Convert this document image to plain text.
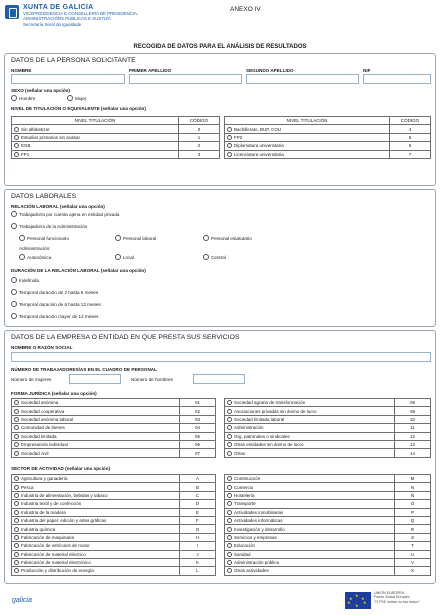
XUNTA DE GALICIA
VICEPRESIDENCIA E CONSELLERÍA DE PRESIDENCIA,
ADMINISTRACIÓNS PÚBLICAS E XUSTIZA
Secretaría Xeral da Igualdade
ANEXO IV
RECOGIDA DE DATOS PARA EL ANÁLISIS DE RESULTADOS
DATOS DE LA PERSONA SOLICITANTE
NOMBRE	PRIMER APELLIDO	SEGUNDO APELLIDO	NIF
SEXO (señalar una opción)
Hombre	Mujer
NIVEL DE TITULACIÓN O EQUIVALENTE (señalar una opción)
NIVEL TITULACIÓN	CÓDIGO
Sin alfabetizar	0
Estudios primarios sin acabar	1
EGB	2
FP1	3
NIVEL TITULACIÓN	CÓDIGO
Bachillerato, BUP, COU	4
FP2	5
Diplomatura universitaria	6
Licenciatura universitaria	7
DATOS LABORALES
RELACIÓN LABORAL (señalar una opción)
Trabajador/a por cuenta ajena en entidad privada
Trabajador/a de la Administración
Personal funcionario	Personal laboral	Personal estatutario
Administración:
Autonómica	Local	Central
DURACIÓN DE LA RELACIÓN LABORAL (señalar una opción)
Indefinida
Temporal duración de 2 hasta 6 meses
Temporal duración de 6 hasta 12 meses
Temporal duración mayor de 12 meses
DATOS DE LA EMPRESA O ENTIDAD EN QUE PRESTA SUS SERVICIOS
NOMBRE O RAZÓN SOCIAL
NÚMERO DE TRABAJADORES/AS EN EL CUADRO DE PERSONAL
Número de mujeres	Número de hombres
FORMA JURÍDICA (señalar una opción)
Sociedad anónima	01
Sociedad cooperativa	02
Sociedad anónima laboral	03
Comunidad de bienes	04
Sociedad limitada	05
Empresario/a individual	06
Sociedad civil	07
Sociedad agraria de transformación	08
Asociaciones privadas sin ánimo de lucro	09
Sociedad limitada laboral	10
Administración	11
Org. patronales o sindicales	12
Otras entidades sin ánimo de lucro	13
Otras	14
SECTOR DE ACTIVIDAD (señalar una opción)
Agricultura y ganadería	A
Pesca	B
Industria de alimentación, bebidas y tabaco	C
Industria textil y de confección	D
Industria de la madera	E
Industria del papel: edición y artes gráficas	F
Industria química	G
Fabricación de maquinaria	H
Fabricación de vehículos de motor	I
Fabricación de material eléctrico	J
Fabricación de material electrónico	K
Producción y distribución de energía	L
Construcción	M
Comercio	N
Hostelería	Ñ
Transporte	O
Actividades inmobiliarias	P
Actividades informáticas	Q
Investigación y desarrollo	R
Servicios y empresas	S
Educación	T
Sanidad	U
Administración pública	V
Otras actividades	X
galicia
★
★ ★
★	★
★
UNIÓN EUROPEA
Fondo Social Europeo
"O FSE inviste no teu futuro"
